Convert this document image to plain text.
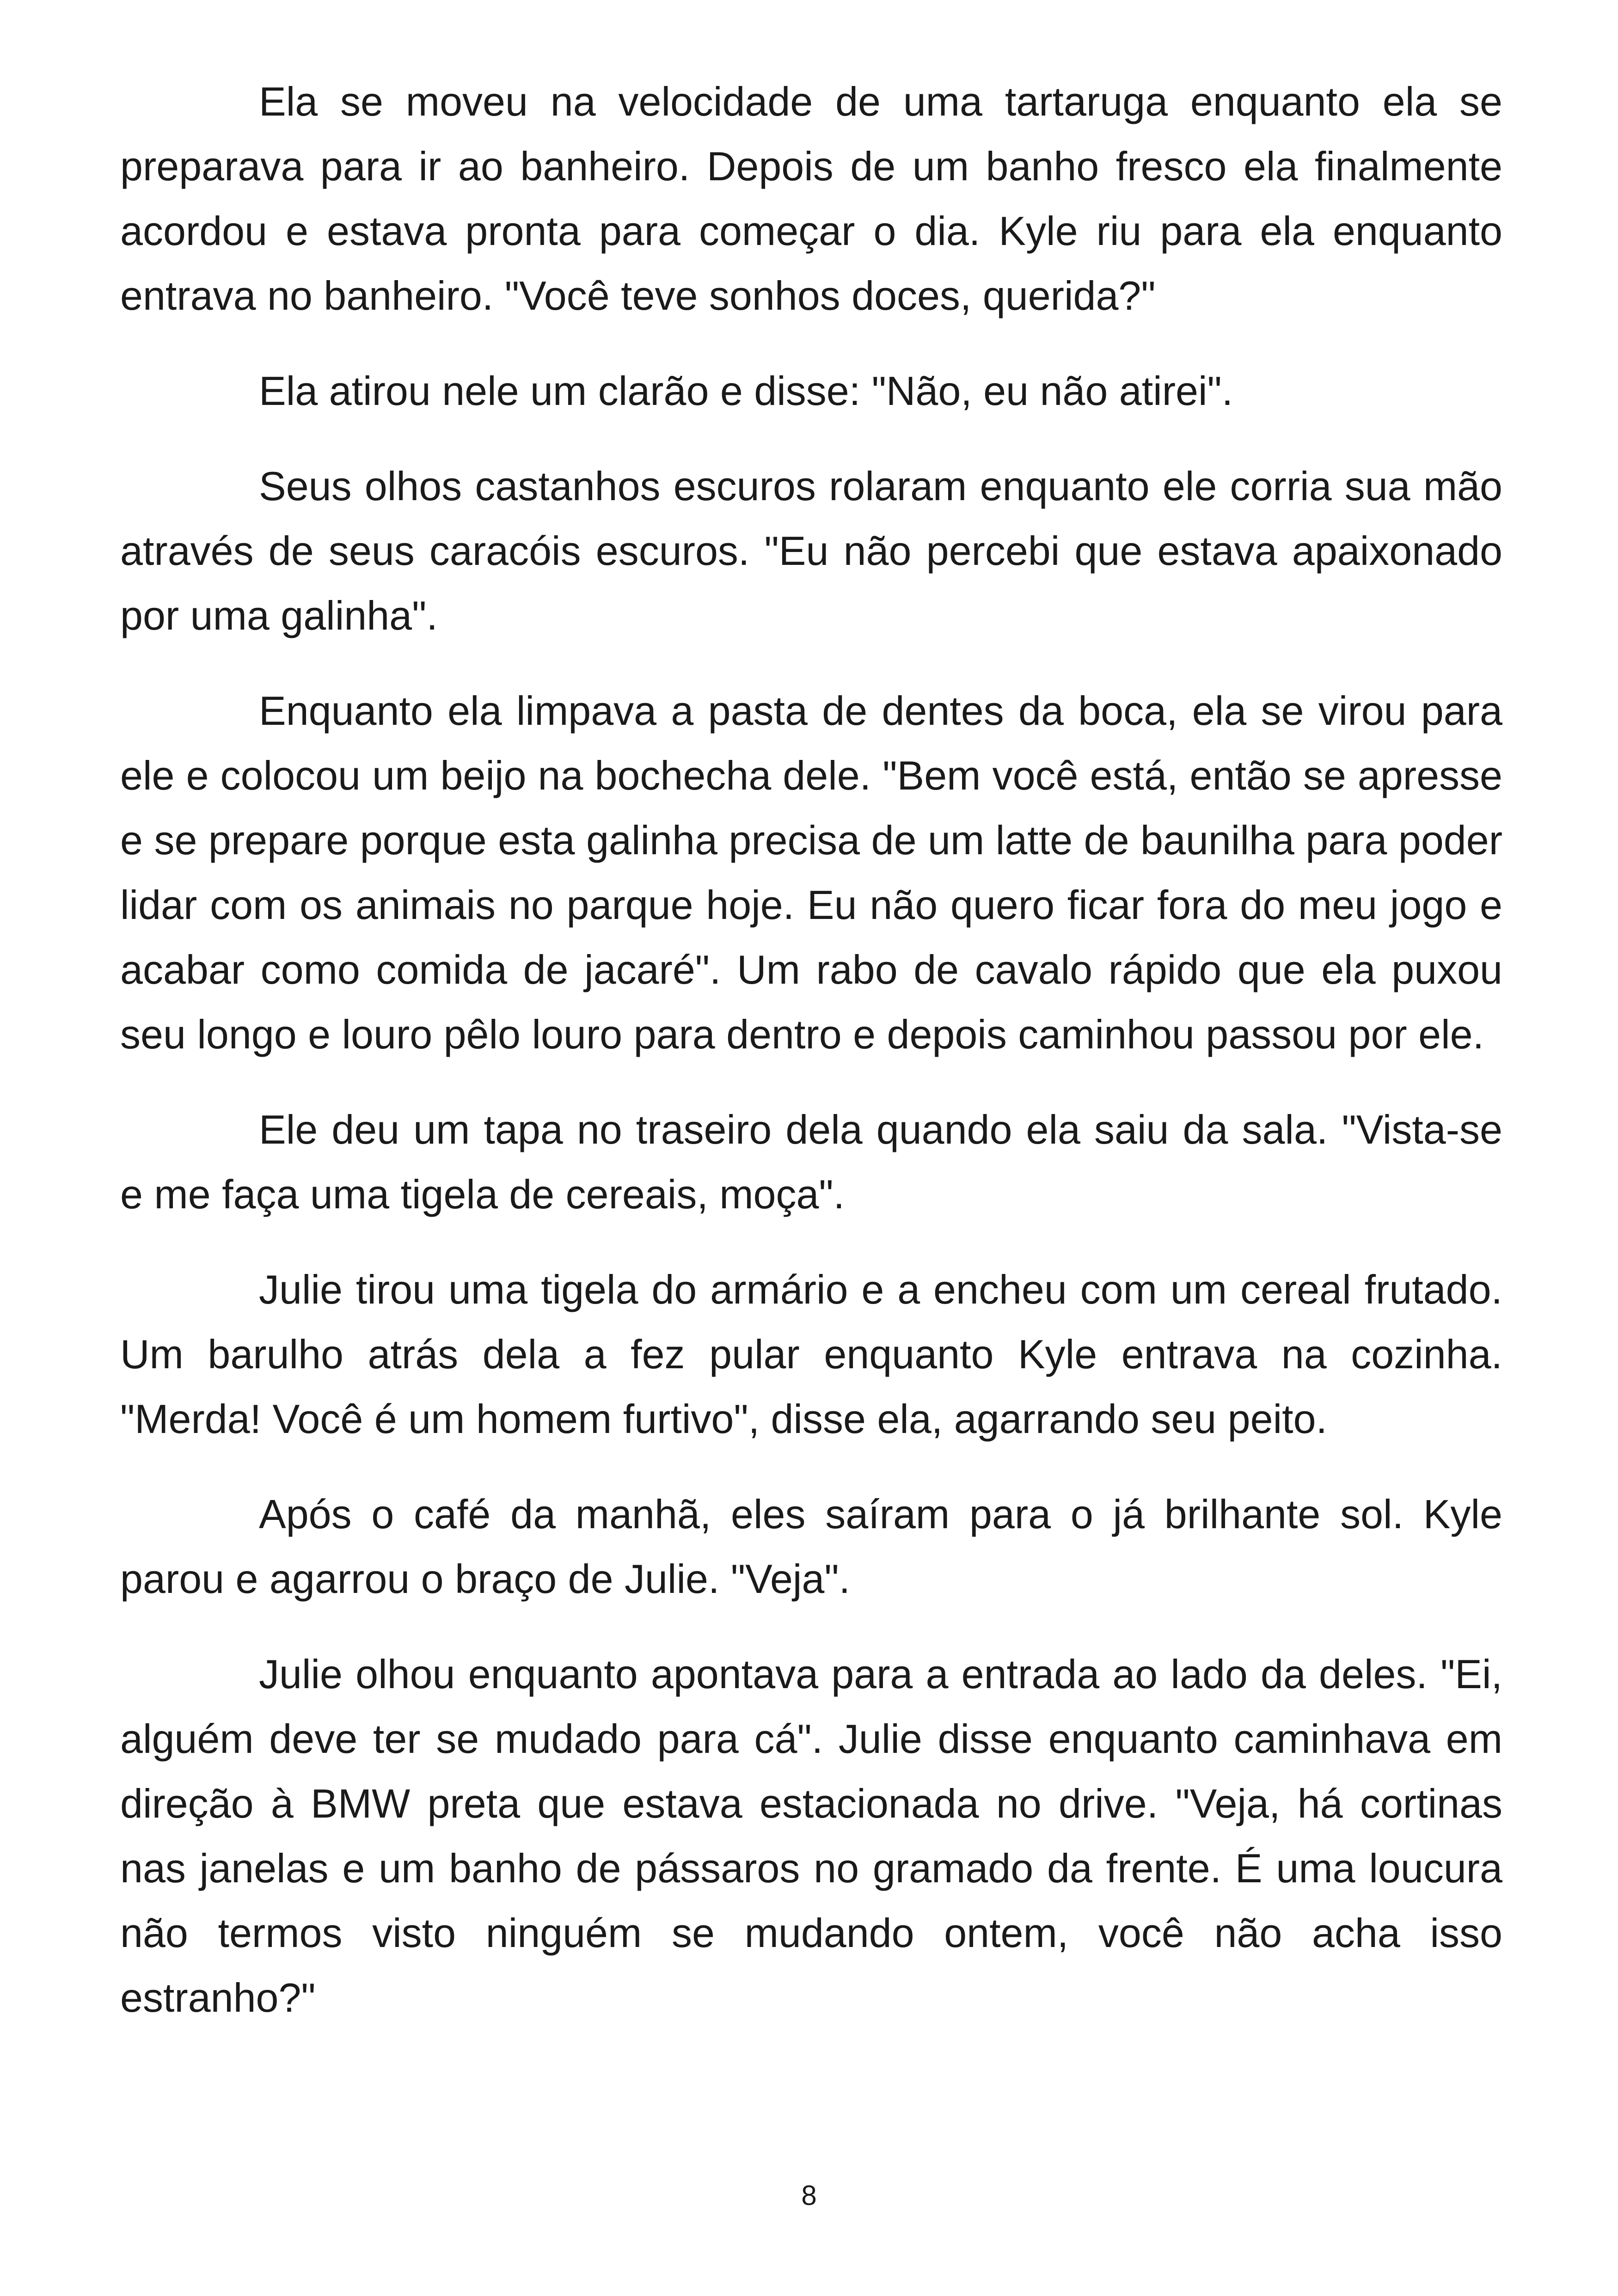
Ela se moveu na velocidade de uma tartaruga enquanto ela se preparava para ir ao banheiro. Depois de um banho fresco ela finalmente acordou e estava pronta para começar o dia. Kyle riu para ela enquanto entrava no banheiro. "Você teve sonhos doces, querida?"

Ela atirou nele um clarão e disse: "Não, eu não atirei".

Seus olhos castanhos escuros rolaram enquanto ele corria sua mão através de seus caracóis escuros. "Eu não percebi que estava apaixonado por uma galinha".

Enquanto ela limpava a pasta de dentes da boca, ela se virou para ele e colocou um beijo na bochecha dele. "Bem você está, então se apresse e se prepare porque esta galinha precisa de um latte de baunilha para poder lidar com os animais no parque hoje. Eu não quero ficar fora do meu jogo e acabar como comida de jacaré". Um rabo de cavalo rápido que ela puxou seu longo e louro pêlo louro para dentro e depois caminhou passou por ele.

Ele deu um tapa no traseiro dela quando ela saiu da sala. "Vista-se e me faça uma tigela de cereais, moça".

Julie tirou uma tigela do armário e a encheu com um cereal frutado. Um barulho atrás dela a fez pular enquanto Kyle entrava na cozinha. "Merda! Você é um homem furtivo", disse ela, agarrando seu peito.

Após o café da manhã, eles saíram para o já brilhante sol. Kyle parou e agarrou o braço de Julie. "Veja".

Julie olhou enquanto apontava para a entrada ao lado da deles. "Ei, alguém deve ter se mudado para cá". Julie disse enquanto caminhava em direção à BMW preta que estava estacionada no drive. "Veja, há cortinas nas janelas e um banho de pássaros no gramado da frente. É uma loucura não termos visto ninguém se mudando ontem, você não acha isso estranho?"

8
